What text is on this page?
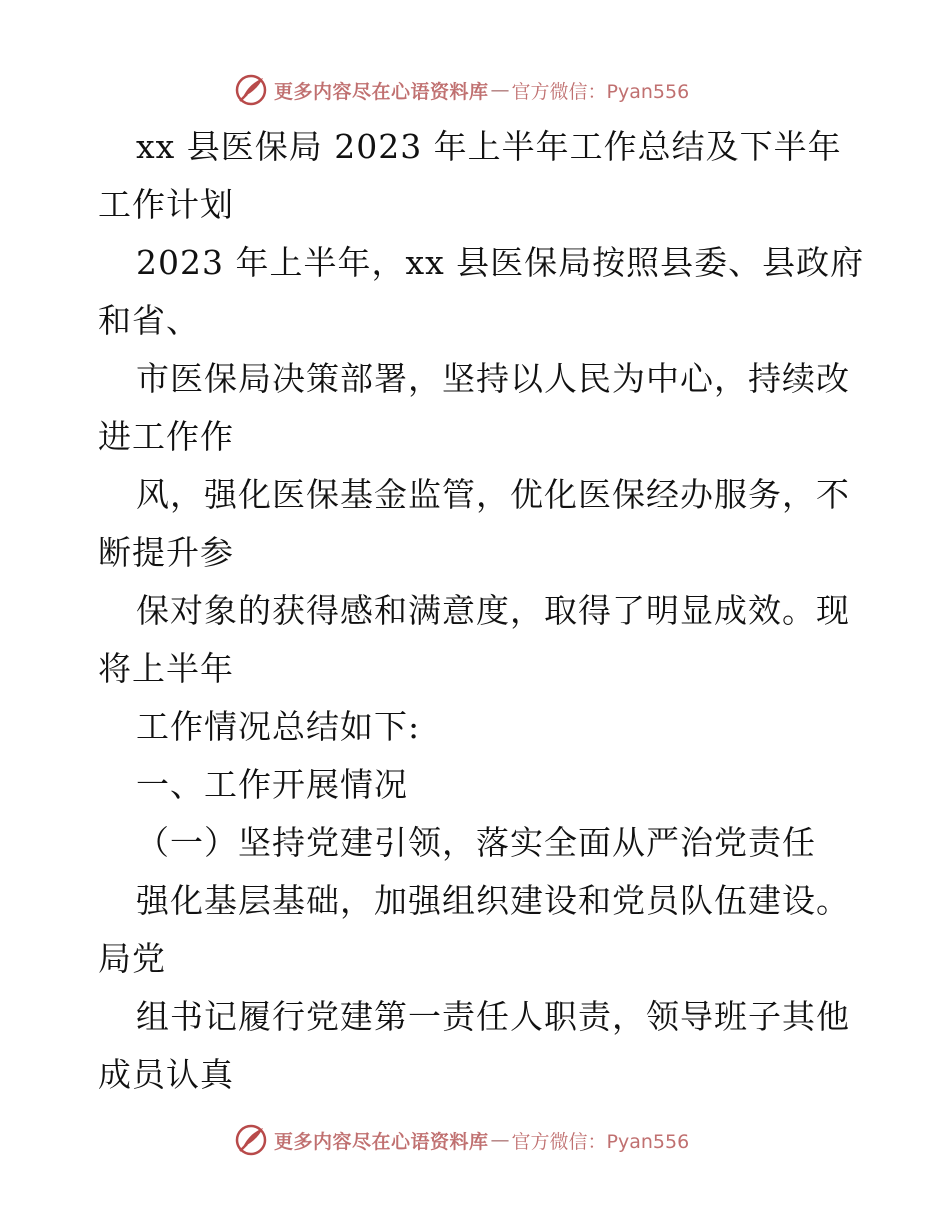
更多内容尽在心语资料库 — 官方微信：Pyan556
xx 县医保局 2023 年上半年工作总结及下半年
工作计划
2023 年上半年，xx 县医保局按照县委、县政府
和省、
市医保局决策部署，坚持以人民为中心，持续改
进工作作
风，强化医保基金监管，优化医保经办服务，不
断提升参
保对象的获得感和满意度，取得了明显成效。现
将上半年
工作情况总结如下:
一、工作开展情况
（一）坚持党建引领，落实全面从严治党责任
强化基层基础，加强组织建设和党员队伍建设。
局党
组书记履行党建第一责任人职责，领导班子其他
成员认真
更多内容尽在心语资料库 — 官方微信：Pyan556
